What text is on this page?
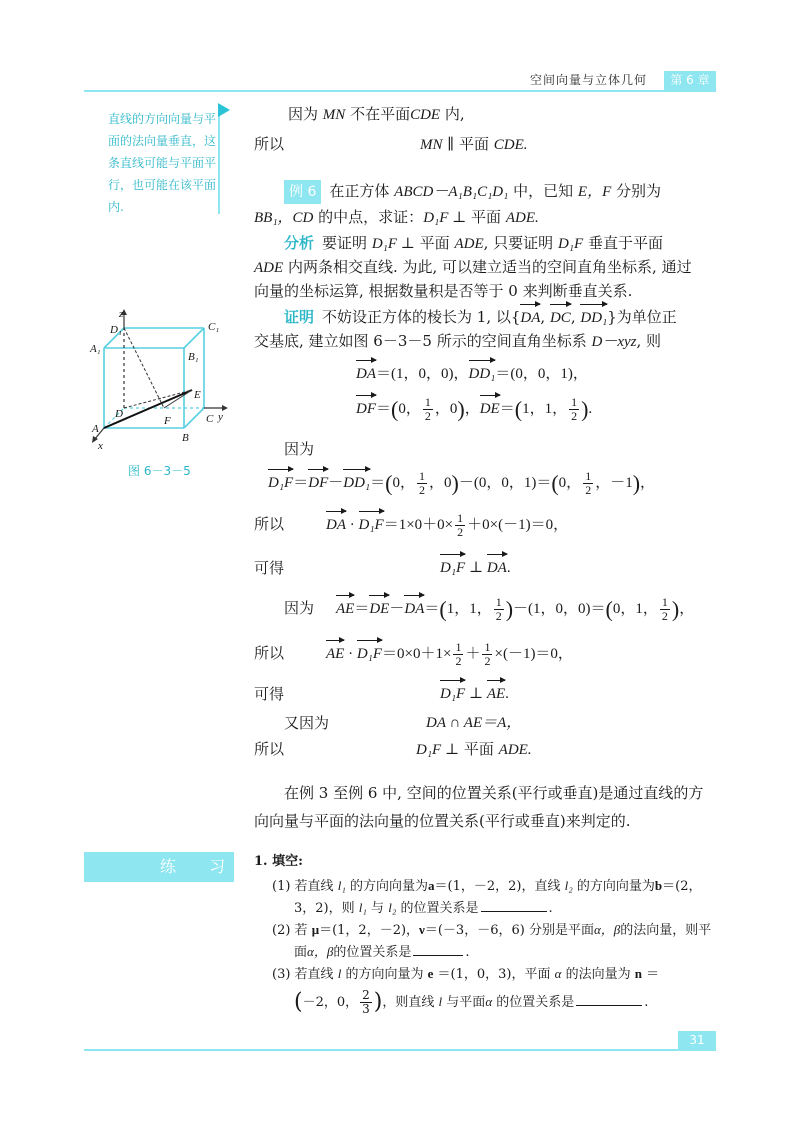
空间向量与立体几何	第 6 章
直线的方向向量与平面的法向量垂直，这条直线可能与平面平行，也可能在该平面内.
因为 MN 不在平面CDE 内,
所以	MN ∥ 平面 CDE.
例 6 在正方体 ABCD－A₁B₁C₁D₁ 中，已知 E，F 分别为
BB₁，CD 的中点，求证：D₁F ⊥ 平面 ADE.
分析 要证明 D₁F ⊥ 平面 ADE, 只要证明 D₁F 垂直于平面
ADE 内两条相交直线. 为此, 可以建立适当的空间直角坐标系, 通过
向量的坐标运算, 根据数量积是否等于 0 来判断垂直关系.
证明 不妨设正方体的棱长为 1, 以{DA, DC, DD₁}为单位正
交基底, 建立如图 6－3－5 所示的空间直角坐标系 D－xyz, 则
DA＝(1，0，0)，DD₁＝(0，0，1)，
DF＝(0， $\frac{1}{2}$ ，0)，DE＝(1，1， $\frac{1}{2}$ ).
因为
D₁F＝DF－DD₁＝(0， $\frac{1}{2}$ ，0)－(0，0，1)＝(0， $\frac{1}{2}$ ，－1)，
所以	DA · $D_1F=1\times 0+0\times \frac{1}{2} +0\times(-1)=0$，
可得	D₁F ⊥ DA.
因为 AE＝DE－DA＝(1，1， $\frac{1}{2} )-(1$，0，0)＝(0，1， $\frac{1}{2}$ )，
所以	AE · $D_1F=0\times 0+1\times \frac{1}{2} + \frac{1}{2} \times(-1)=0$，
可得	D₁F ⊥ AE.
又因为	DA ∩ AE＝A，
所以	D₁F ⊥ 平面 ADE.
在例 3 至例 6 中, 空间的位置关系(平行或垂直)是通过直线的方
向向量与平面的法向量的位置关系(平行或垂直)来判定的.
z
D₁	C₁
A₁
B₁
E
D
F	C y
A
B
x
图 6－3－5
练 习 1. 填空:
(1) 若直线 l₁ 的方向向量为a＝(1，－2，2)，直线 l₂ 的方向向量为b＝(2，
3，2)，则 l₁ 与 l₂ 的位置关系是	.
(2) 若 μ＝(1，2，－2)，ν＝(－3，－6，6) 分别是平面α，β的法向量，则平
面α，β的位置关系是	.
(3) 若直线 l 的方向向量为 e ＝(1，0，3)，平面 α 的法向量为 n ＝
(－2，0， $\frac{2}{3}$ )，则直线 l 与平面α 的位置关系是	.
31
